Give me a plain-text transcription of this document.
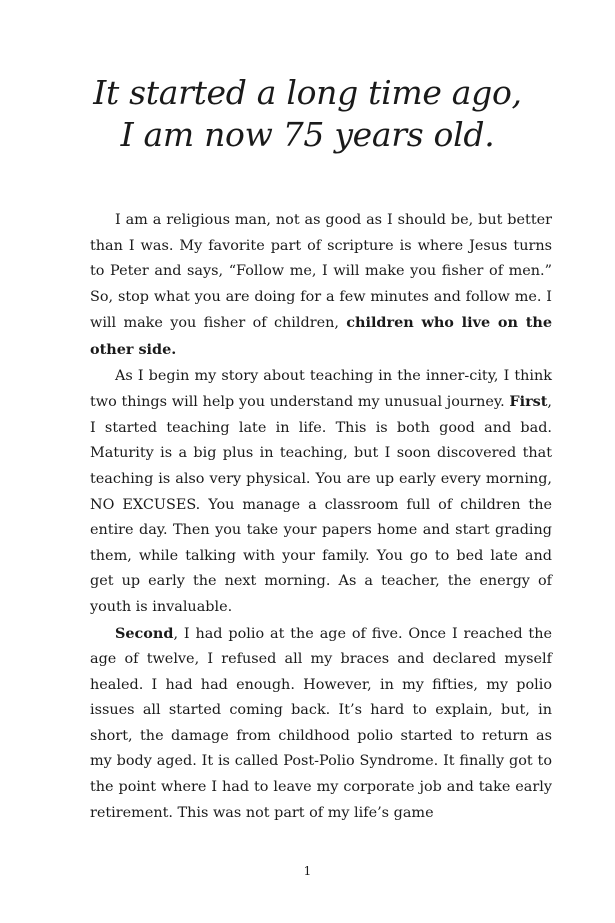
It started a long time ago,
I am now 75 years old.

I am a religious man, not as good as I should be, but better than I was. My favorite part of scripture is where Jesus turns to Peter and says, “Follow me, I will make you fisher of men.” So, stop what you are doing for a few minutes and follow me. I will make you fisher of children, children who live on the other side.

As I begin my story about teaching in the inner-city, I think two things will help you understand my unusual journey. First, I started teaching late in life. This is both good and bad. Maturity is a big plus in teaching, but I soon discovered that teaching is also very physical. You are up early every morning, NO EXCUSES. You manage a classroom full of children the entire day. Then you take your papers home and start grading them, while talking with your family. You go to bed late and get up early the next morning. As a teacher, the energy of youth is invaluable.

Second, I had polio at the age of five. Once I reached the age of twelve, I refused all my braces and declared myself healed. I had had enough. However, in my fifties, my polio issues all started coming back. It’s hard to explain, but, in short, the damage from childhood polio started to return as my body aged. It is called Post-Polio Syndrome. It finally got to the point where I had to leave my corporate job and take early retirement. This was not part of my life’s game

1
